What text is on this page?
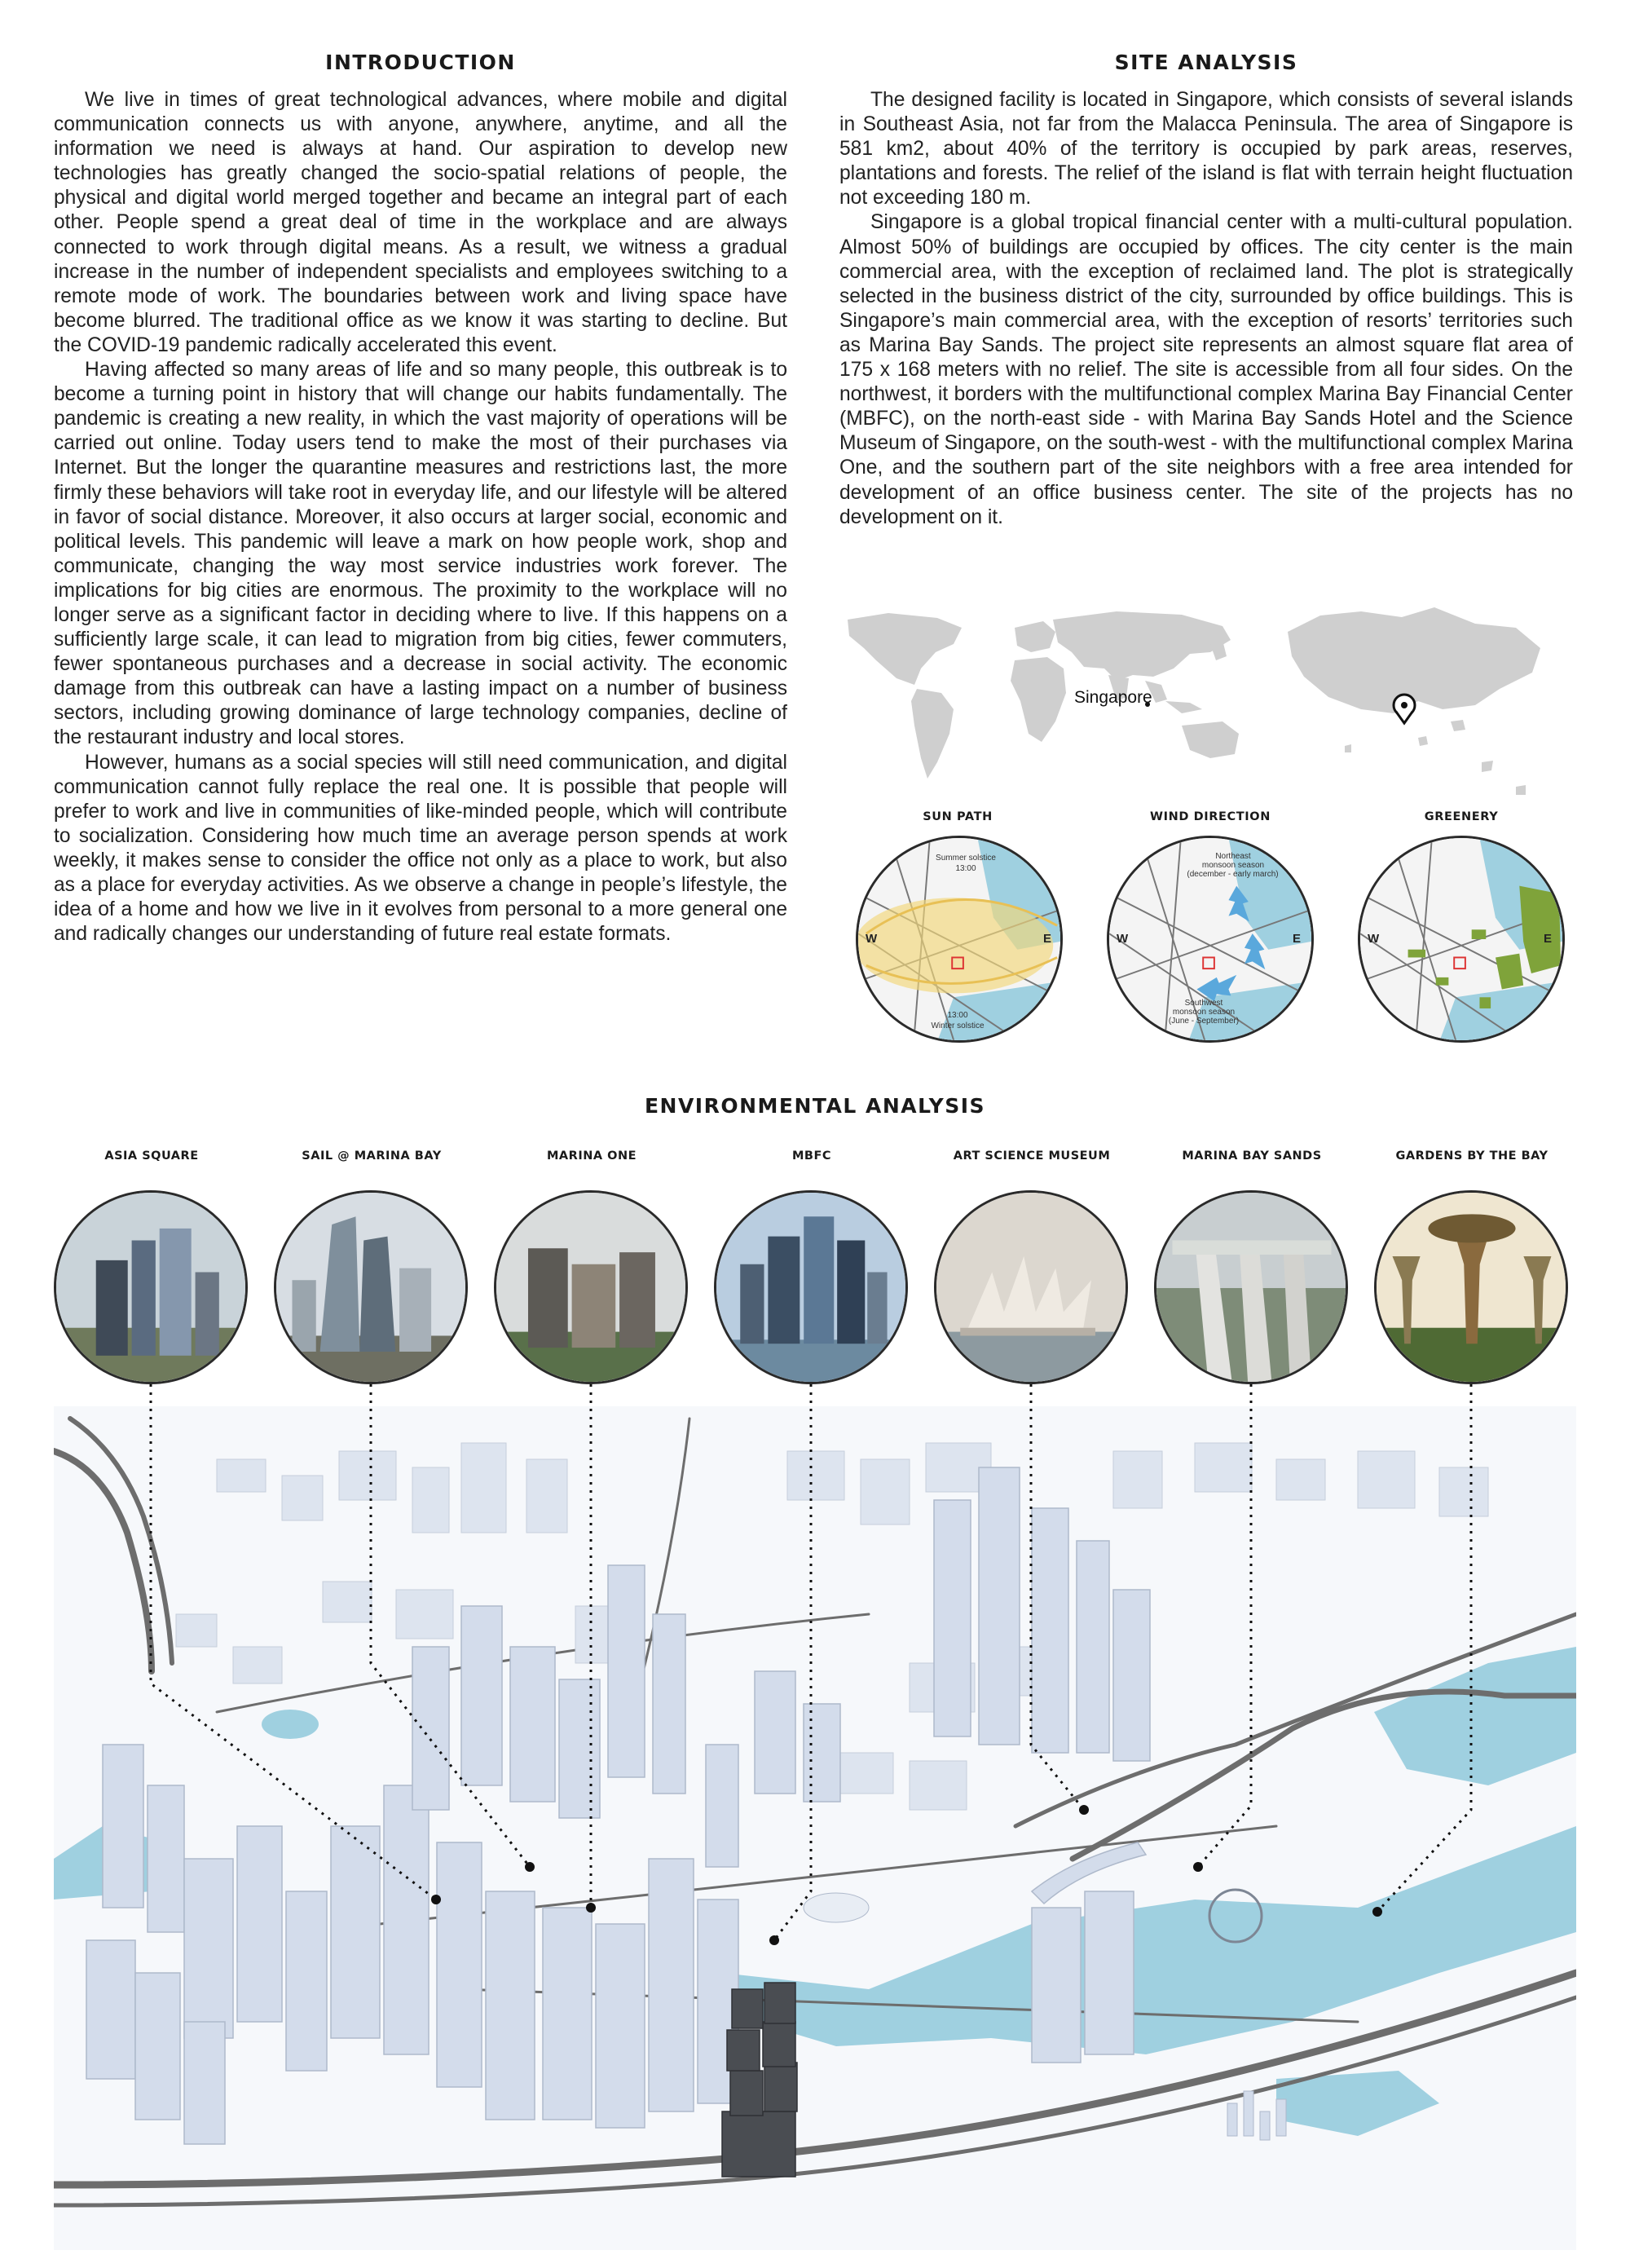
INTRODUCTION

We live in times of great technological advances, where mobile and digital communication connects us with anyone, anywhere, anytime, and all the information we need is always at hand. Our aspiration to develop new technologies has greatly changed the socio-spatial relations of people, the physical and digital world merged together and became an integral part of each other. People spend a great deal of time in the workplace and are always connected to work through digital means. As a result, we witness a gradual increase in the number of independent specialists and employees switching to a remote mode of work. The boundaries between work and living space have become blurred. The traditional office as we know it was starting to decline. But the COVID-19 pandemic radically accelerated this event.

Having affected so many areas of life and so many people, this outbreak is to become a turning point in history that will change our habits fundamentally. The pandemic is creating a new reality, in which the vast majority of operations will be carried out online. Today users tend to make the most of their purchases via Internet. But the longer the quarantine measures and restrictions last, the more firmly these behaviors will take root in everyday life, and our lifestyle will be altered in favor of social distance. Moreover, it also occurs at larger social, economic and political levels. This pandemic will leave a mark on how people work, shop and communicate, changing the way most service industries work forever. The implications for big cities are enormous. The proximity to the workplace will no longer serve as a significant factor in deciding where to live. If this happens on a sufficiently large scale, it can lead to migration from big cities, fewer commuters, fewer spontaneous purchases and a decrease in social activity. The economic damage from this outbreak can have a lasting impact on a number of business sectors, including growing dominance of large technology companies, decline of the restaurant industry and local stores.

However, humans as a social species will still need communication, and digital communication cannot fully replace the real one. It is possible that people will prefer to work and live in communities of like-minded people, which will contribute to socialization. Considering how much time an average person spends at work weekly, it makes sense to consider the office not only as a place to work, but also as a place for everyday activities. As we observe a change in people’s lifestyle, the idea of a home and how we live in it evolves from personal to a more general one and radically changes our understanding of future real estate formats.

SITE ANALYSIS

The designed facility is located in Singapore, which consists of several islands in Southeast Asia, not far from the Malacca Peninsula. The area of Singapore is 581 km2, about 40% of the territory is occupied by park areas, reserves, plantations and forests. The relief of the island is flat with terrain height fluctuation not exceeding 180 m.

Singapore is a global tropical financial center with a multi-cultural population. Almost 50% of buildings are occupied by offices. The city center is the main commercial area, with the exception of reclaimed land. The plot is strategically selected in the business district of the city, surrounded by office buildings. This is Singapore’s main commercial area, with the exception of resorts’ territories such as Marina Bay Sands. The project site represents an almost square flat area of 175 x 168 meters with no relief. The site is accessible from all four sides. On the northwest, it borders with the multifunctional complex Marina Bay Financial Center (MBFC), on the north-east side - with Marina Bay Sands Hotel and the Science Museum of Singapore, on the south-west - with the multifunctional complex Marina One, and the southern part of the site neighbors with a free area intended for development of an office business center. The site of the projects has no development on it.

Singapore
SUN PATH	WIND DIRECTION	GREENERY
Summer solstice
13:00
13:00
Winter solstice
W	E
Northeast
monsoon season
(december - early march)
Southwest
monsoon season
(June - September)
W	E	W	E
ENVIRONMENTAL ANALYSIS
ASIA SQUARE	SAIL @ MARINA BAY	MARINA ONE	MBFC	ART SCIENCE MUSEUM	MARINA BAY SANDS	GARDENS BY THE BAY
